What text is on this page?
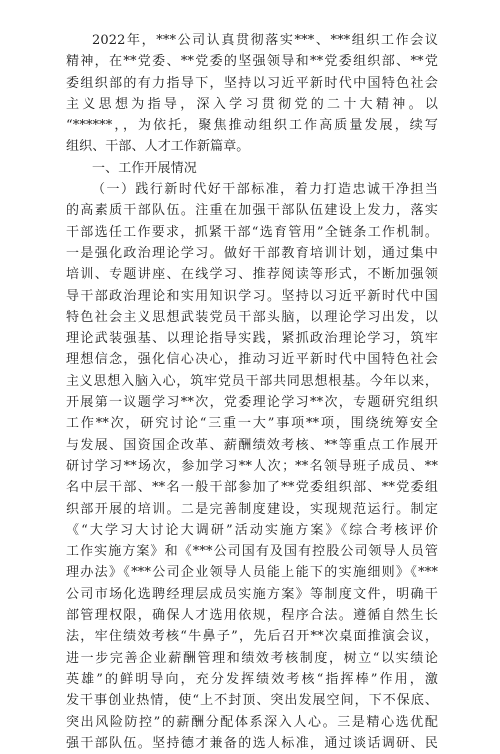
2022年，***公司认真贯彻落实***、***组织工作会议
精神，在**党委、**党委的坚强领导和**党委组织部、**党
委组织部的有力指导下，坚持以习近平新时代中国特色社会
主义思想为指导，深入学习贯彻党的二十大精神。以
“******，，为依托，聚焦推动组织工作高质量发展，续写
组织、干部、人才工作新篇章。
一、工作开展情况
（一）践行新时代好干部标准，着力打造忠诚干净担当
的高素质干部队伍。注重在加强干部队伍建设上发力，落实
干部选任工作要求，抓紧干部“选育管用”全链条工作机制。
一是强化政治理论学习。做好干部教育培训计划，通过集中
培训、专题讲座、在线学习、推荐阅读等形式，不断加强领
导干部政治理论和实用知识学习。坚持以习近平新时代中国
特色社会主义思想武装党员干部头脑，以理论学习出发，以
理论武装强基、以理论指导实践，紧抓政治理论学习，筑牢
理想信念，强化信心决心，推动习近平新时代中国特色社会
主义思想入脑入心，筑牢党员干部共同思想根基。今年以来，
开展第一议题学习**次，党委理论学习**次，专题研究组织
工作**次，研究讨论“三重一大”事项**项，围绕统筹安全
与发展、国资国企改革、薪酬绩效考核、**等重点工作展开
研讨学习**场次，参加学习**人次；**名领导班子成员、**
名中层干部、**名一般干部参加了**党委组织部、**党委组
织部开展的培训。二是完善制度建设，实现规范运行。制定
《“大学习大讨论大调研”活动实施方案》《综合考核评价
工作实施方案》和《***公司国有及国有控股公司领导人员管
理办法》《***公司企业领导人员能上能下的实施细则》《***
公司市场化选聘经理层成员实施方案》等制度文件，明确干
部管理权限，确保人才选用依规，程序合法。遵循自然生长
法，牢住绩效考核“牛鼻子”，先后召开**次桌面推演会议，
进一步完善企业薪酬管理和绩效考核制度，树立“以实绩论
英雄”的鲜明导向，充分发挥绩效考核“指挥棒”作用，激
发干事创业热情，使“上不封顶、突出发展空间，下不保底、
突出风险防控”的薪酬分配体系深入人心。三是精心选优配
强干部队伍。坚持德才兼备的选人标准，通过谈话调研、民
